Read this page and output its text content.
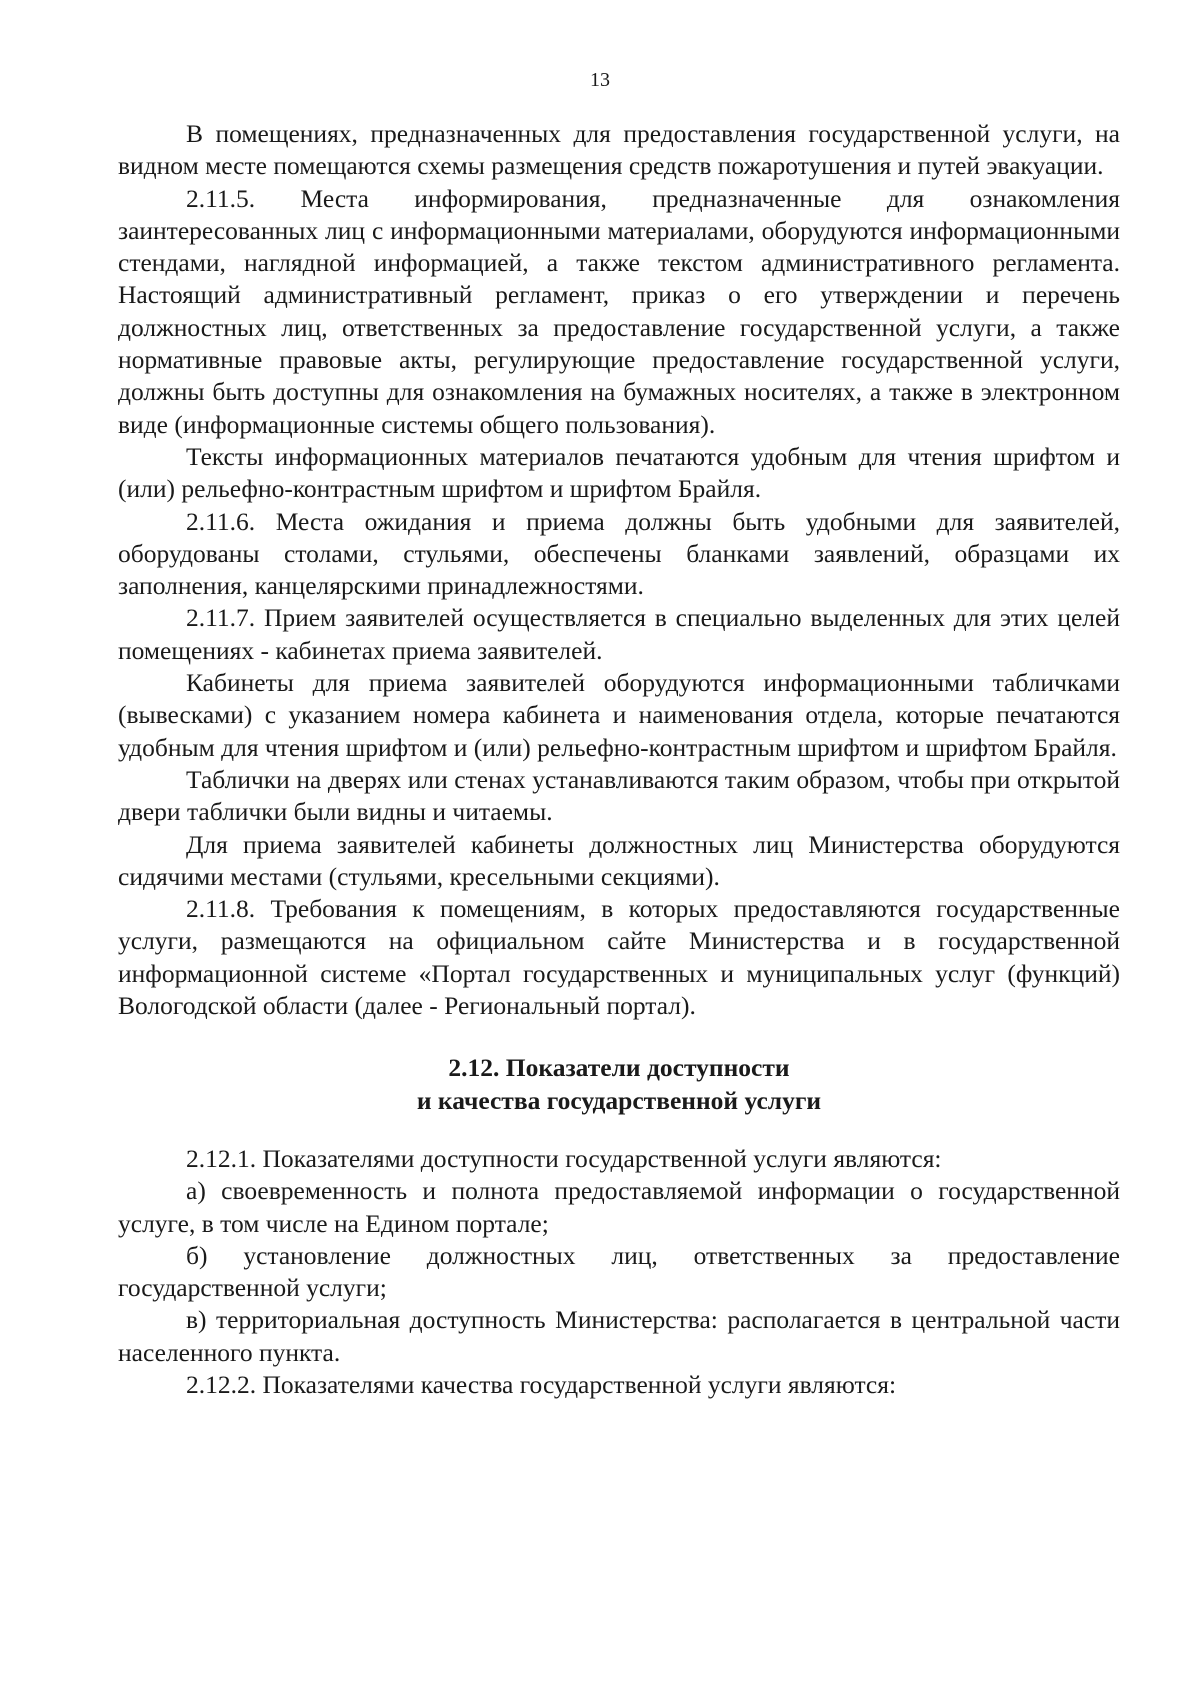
13

В помещениях, предназначенных для предоставления государственной услуги, на видном месте помещаются схемы размещения средств пожаротушения и путей эвакуации.

2.11.5. Места информирования, предназначенные для ознакомления заинтересованных лиц с информационными материалами, оборудуются информационными стендами, наглядной информацией, а также текстом административного регламента. Настоящий административный регламент, приказ о его утверждении и перечень должностных лиц, ответственных за предоставление государственной услуги, а также нормативные правовые акты, регулирующие предоставление государственной услуги, должны быть доступны для ознакомления на бумажных носителях, а также в электронном виде (информационные системы общего пользования).

Тексты информационных материалов печатаются удобным для чтения шрифтом и (или) рельефно-контрастным шрифтом и шрифтом Брайля.

2.11.6. Места ожидания и приема должны быть удобными для заявителей, оборудованы столами, стульями, обеспечены бланками заявлений, образцами их заполнения, канцелярскими принадлежностями.

2.11.7. Прием заявителей осуществляется в специально выделенных для этих целей помещениях - кабинетах приема заявителей.

Кабинеты для приема заявителей оборудуются информационными табличками (вывесками) с указанием номера кабинета и наименования отдела, которые печатаются удобным для чтения шрифтом и (или) рельефно-контрастным шрифтом и шрифтом Брайля.

Таблички на дверях или стенах устанавливаются таким образом, чтобы при открытой двери таблички были видны и читаемы.

Для приема заявителей кабинеты должностных лиц Министерства оборудуются сидячими местами (стульями, кресельными секциями).

2.11.8. Требования к помещениям, в которых предоставляются государственные услуги, размещаются на официальном сайте Министерства и в государственной информационной системе «Портал государственных и муниципальных услуг (функций) Вологодской области (далее - Региональный портал).

2.12. Показатели доступности
и качества государственной услуги

2.12.1. Показателями доступности государственной услуги являются:

а) своевременность и полнота предоставляемой информации о государственной услуге, в том числе на Едином портале;

б) установление должностных лиц, ответственных за предоставление государственной услуги;

в) территориальная доступность Министерства: располагается в центральной части населенного пункта.

2.12.2. Показателями качества государственной услуги являются:
